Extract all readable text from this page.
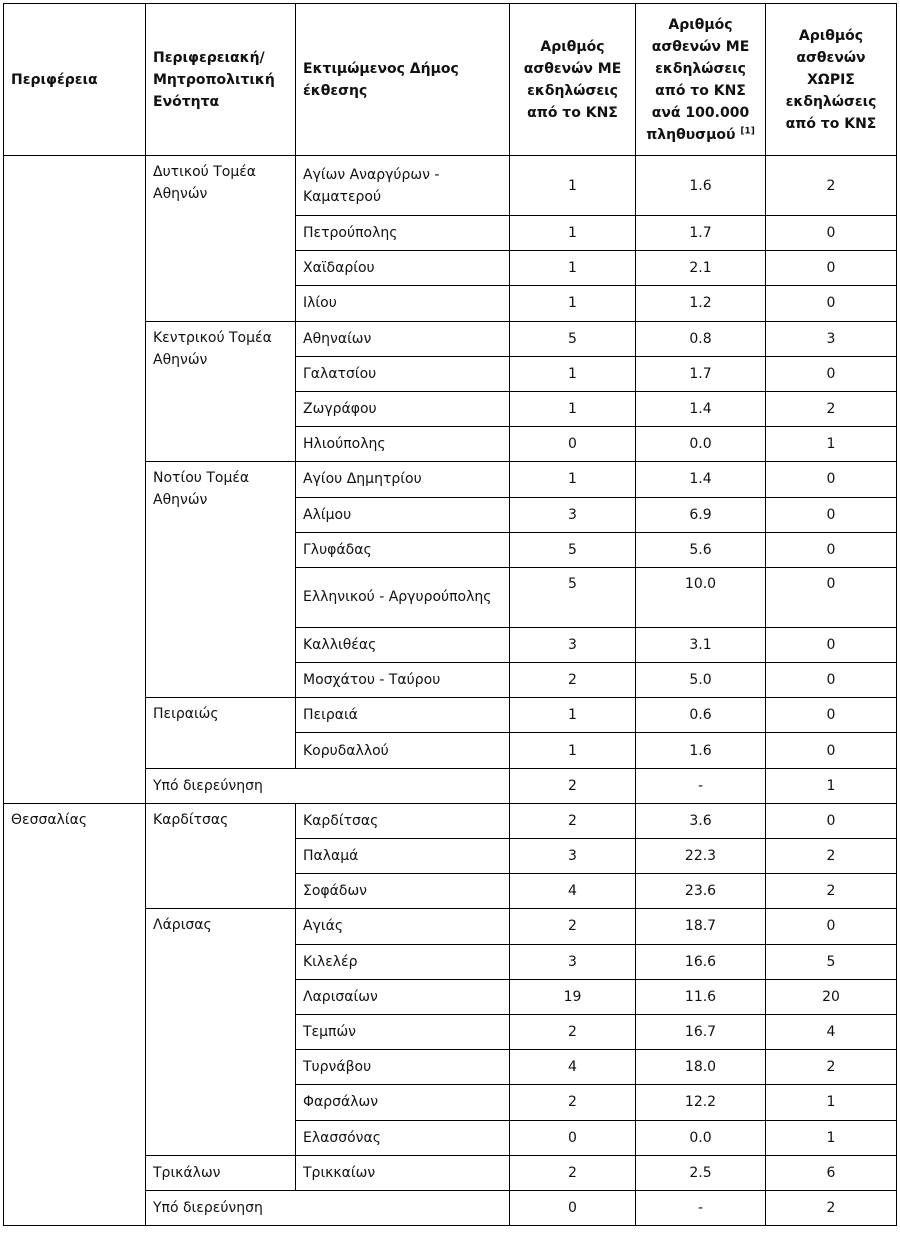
Περιφέρεια	Περιφερειακή/ Μητροπολιτική Ενότητα	Εκτιμώμενος Δήμος έκθεσης	Αριθμός ασθενών ΜΕ εκδηλώσεις από το ΚΝΣ	Αριθμός ασθενών ΜΕ εκδηλώσεις από το ΚΝΣ ανά 100.000 πληθυσμού [1]	Αριθμός ασθενών ΧΩΡΙΣ εκδηλώσεις από το ΚΝΣ
	Δυτικού Τομέα Αθηνών	Αγίων Αναργύρων - Καματερού	1	1.6	2
		Πετρούπολης	1	1.7	0
		Χαϊδαρίου	1	2.1	0
		Ιλίου	1	1.2	0
	Κεντρικού Τομέα Αθηνών	Αθηναίων	5	0.8	3
		Γαλατσίου	1	1.7	0
		Ζωγράφου	1	1.4	2
		Ηλιούπολης	0	0.0	1
	Νοτίου Τομέα Αθηνών	Αγίου Δημητρίου	1	1.4	0
		Αλίμου	3	6.9	0
		Γλυφάδας	5	5.6	0
		Ελληνικού - Αργυρούπολης	5	10.0	0
		Καλλιθέας	3	3.1	0
		Μοσχάτου - Ταύρου	2	5.0	0
	Πειραιώς	Πειραιά	1	0.6	0
		Κορυδαλλού	1	1.6	0
	Υπό διερεύνηση		2	-	1
Θεσσαλίας	Καρδίτσας	Καρδίτσας	2	3.6	0
		Παλαμά	3	22.3	2
		Σοφάδων	4	23.6	2
	Λάρισας	Αγιάς	2	18.7	0
		Κιλελέρ	3	16.6	5
		Λαρισαίων	19	11.6	20
		Τεμπών	2	16.7	4
		Τυρνάβου	4	18.0	2
		Φαρσάλων	2	12.2	1
		Ελασσόνας	0	0.0	1
	Τρικάλων	Τρικκαίων	2	2.5	6
	Υπό διερεύνηση		0	-	2
